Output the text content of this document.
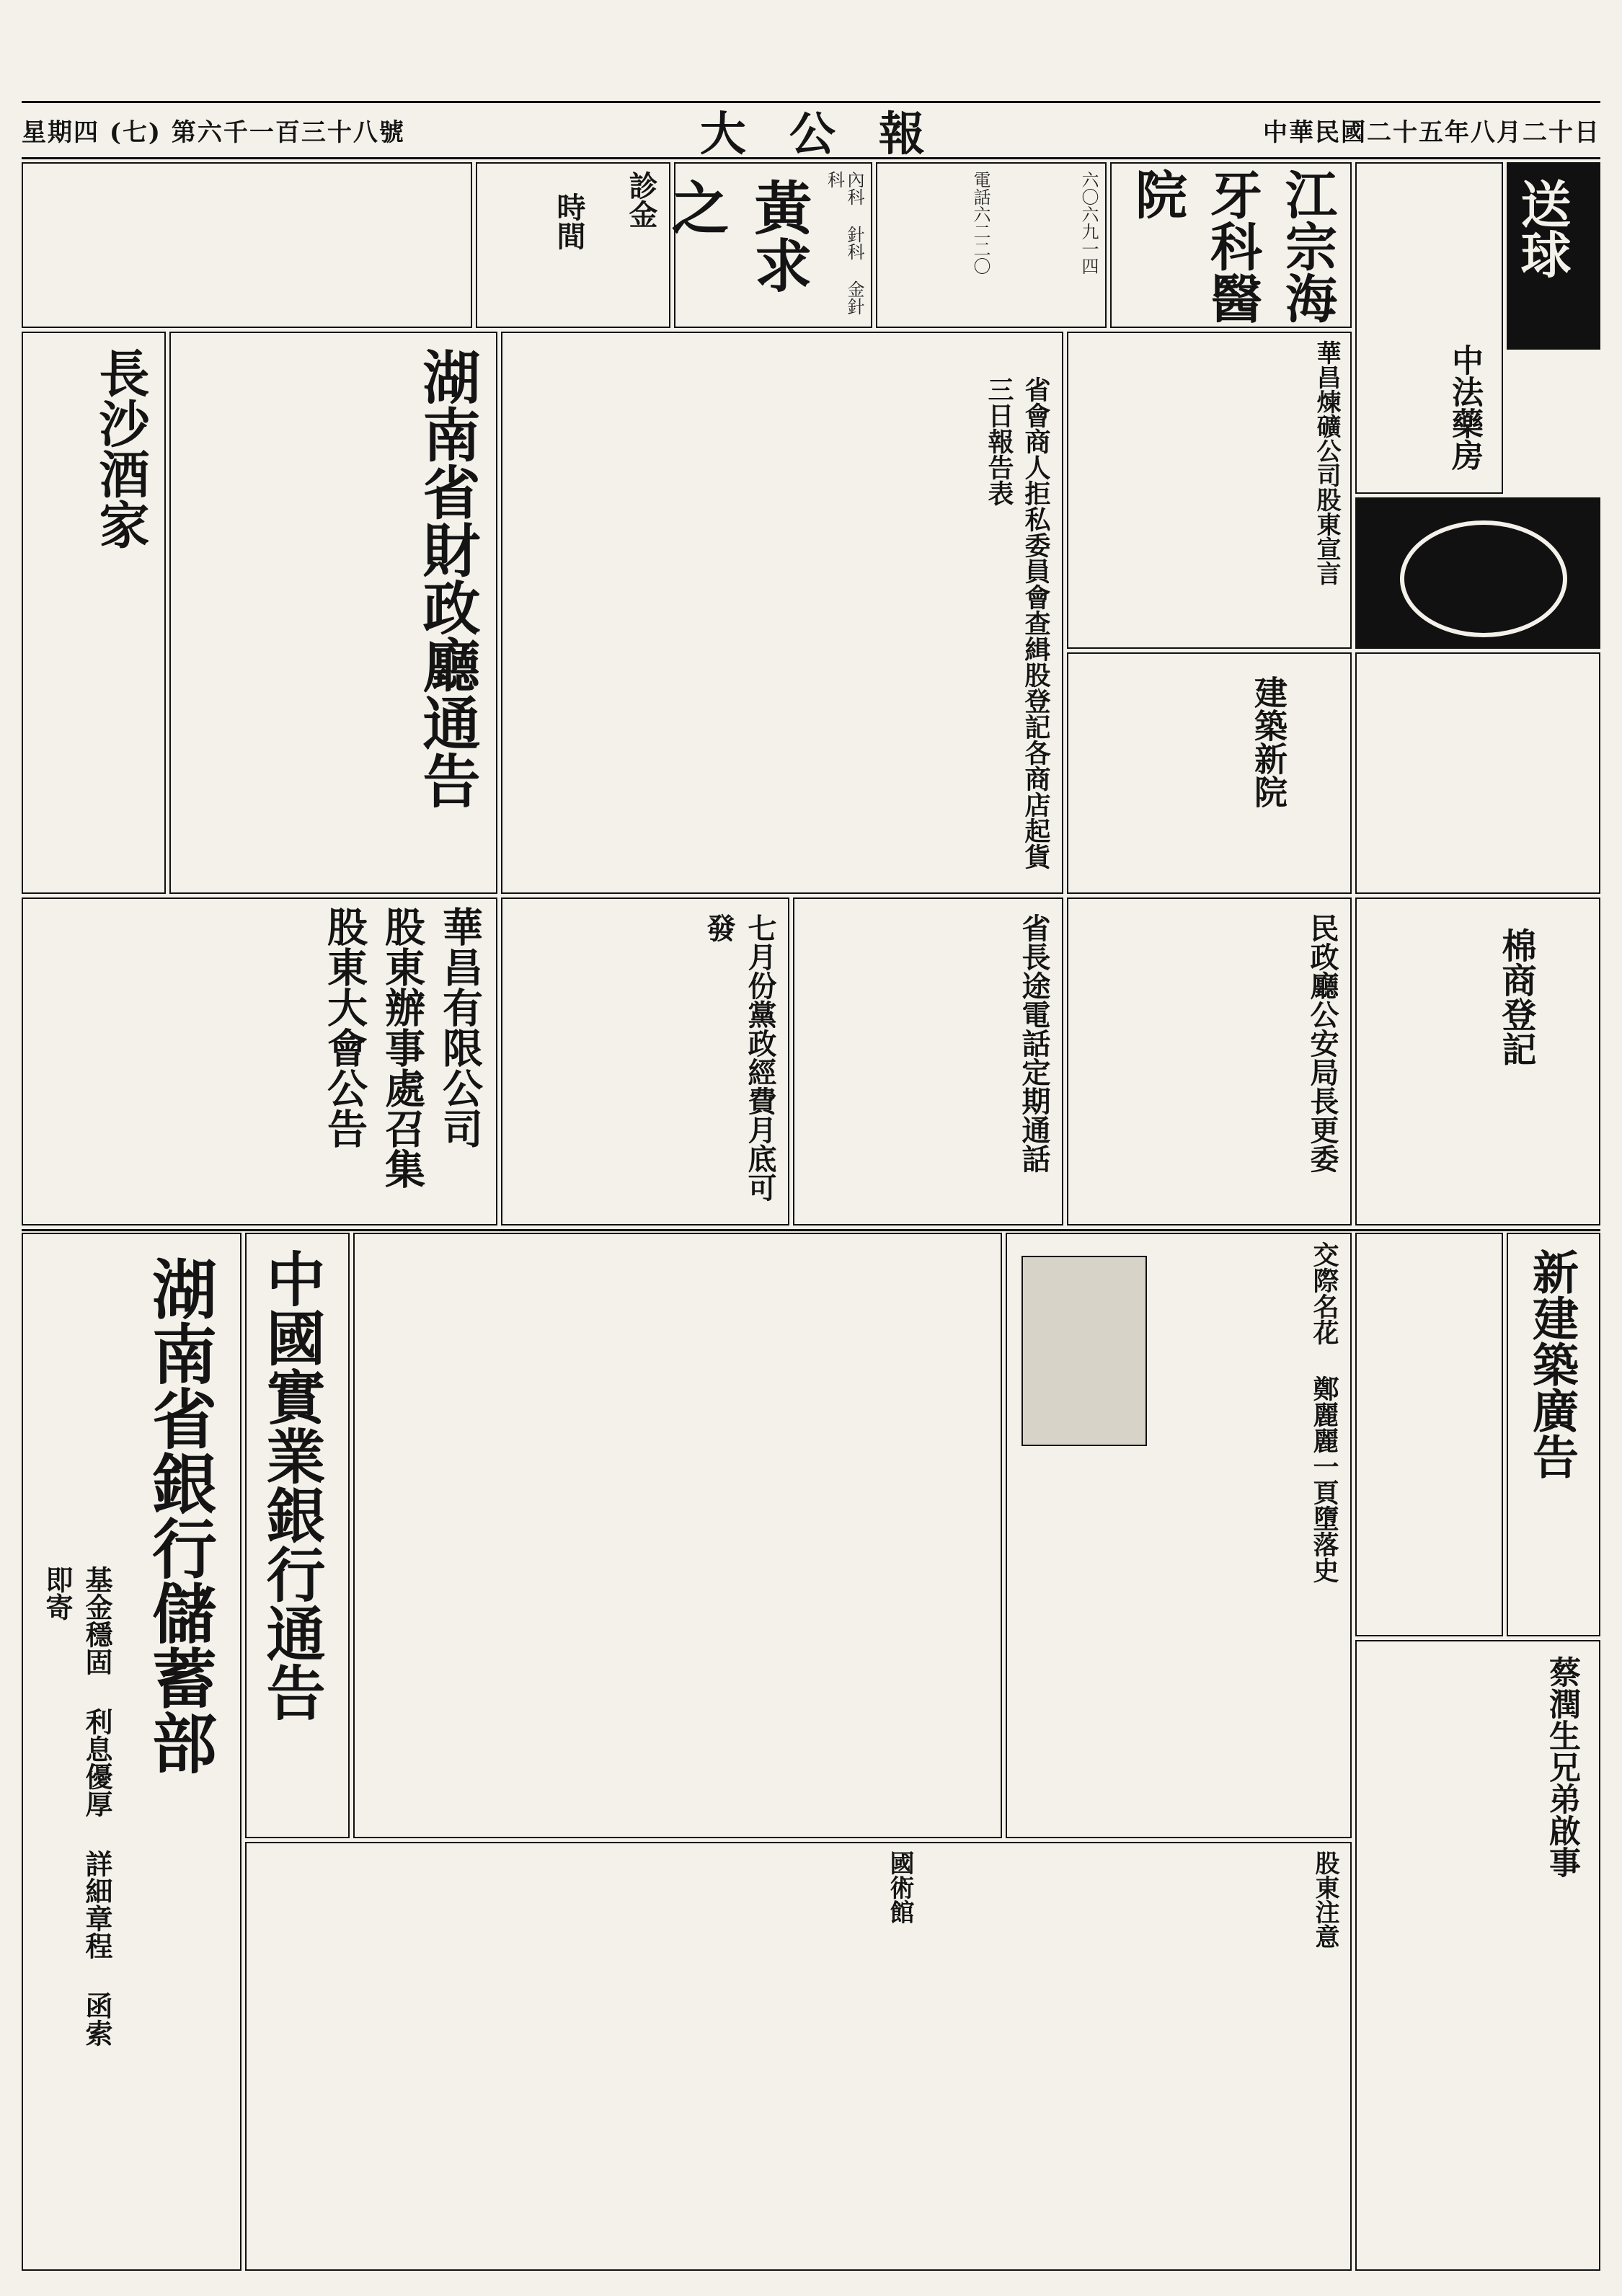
星期四 (七) 第六千一百三十八號	大公報	中華民國二十五年八月二十日
送球
中法藥房
江宗海牙科醫院
六〇六九一四
電話六二二〇
黃求之	內科 針科 金針科
診金
時間
華昌煉礦公司股東宣言
省會商人拒私委員會查緝股登記各商店起貨三日報告表
湖南省財政廳通告
長沙酒家
建築新院
棉商登記
民政廳公安局長更委
省長途電話定期通話
七月份黨政經費月底可發
華昌有限公司 股東辦事處召集股東大會公告
新建築廣告
交際名花 鄭麗麗一頁墮落史
中國實業銀行通告
湖南省銀行儲蓄部
基金穩固 利息優厚 詳細章程 函索即寄
蔡潤生兄弟啟事
國術館	股東注意
